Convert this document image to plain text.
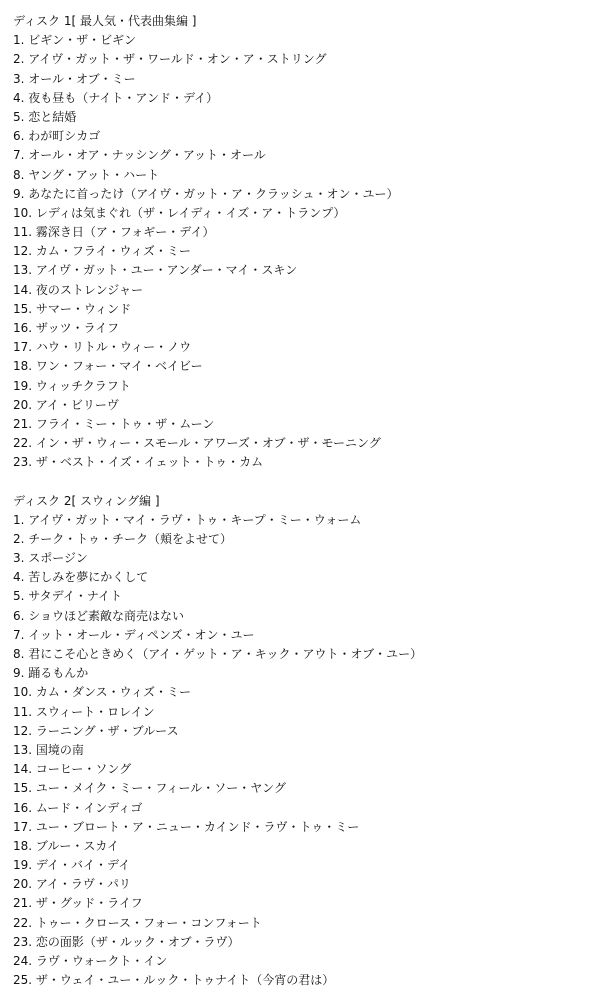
ディスク 1[ 最人気・代表曲集編 ]
1. ビギン・ザ・ビギン
2. アイヴ・ガット・ザ・ワールド・オン・ア・ストリング
3. オール・オブ・ミー
4. 夜も昼も（ナイト・アンド・デイ）
5. 恋と結婚
6. わが町シカゴ
7. オール・オア・ナッシング・アット・オール
8. ヤング・アット・ハート
9. あなたに首ったけ（アイヴ・ガット・ア・クラッシュ・オン・ユー）
10. レディは気まぐれ（ザ・レイディ・イズ・ア・トランプ）
11. 霧深き日（ア・フォギー・デイ）
12. カム・フライ・ウィズ・ミー
13. アイヴ・ガット・ユー・アンダー・マイ・スキン
14. 夜のストレンジャー
15. サマー・ウィンド
16. ザッツ・ライフ
17. ハウ・リトル・ウィー・ノウ
18. ワン・フォー・マイ・ベイビー
19. ウィッチクラフト
20. アイ・ビリーヴ
21. フライ・ミー・トゥ・ザ・ムーン
22. イン・ザ・ウィー・スモール・アワーズ・オブ・ザ・モーニング
23. ザ・ベスト・イズ・イェット・トゥ・カム
ディスク 2[ スウィング編 ]
1. アイヴ・ガット・マイ・ラヴ・トゥ・キープ・ミー・ウォーム
2. チーク・トゥ・チーク（頬をよせて）
3. スポージン
4. 苦しみを夢にかくして
5. サタデイ・ナイト
6. ショウほど素敵な商売はない
7. イット・オール・ディペンズ・オン・ユー
8. 君にこそ心ときめく（アイ・ゲット・ア・キック・アウト・オブ・ユー）
9. 踊るもんか
10. カム・ダンス・ウィズ・ミー
11. スウィート・ロレイン
12. ラーニング・ザ・ブルース
13. 国境の南
14. コーヒー・ソング
15. ユー・メイク・ミー・フィール・ソー・ヤング
16. ムード・インディゴ
17. ユー・ブロート・ア・ニュー・カインド・ラヴ・トゥ・ミー
18. ブルー・スカイ
19. デイ・バイ・デイ
20. アイ・ラヴ・パリ
21. ザ・グッド・ライフ
22. トゥー・クロース・フォー・コンフォート
23. 恋の面影（ザ・ルック・オブ・ラヴ）
24. ラヴ・ウォークト・イン
25. ザ・ウェイ・ユー・ルック・トゥナイト（今宵の君は）
